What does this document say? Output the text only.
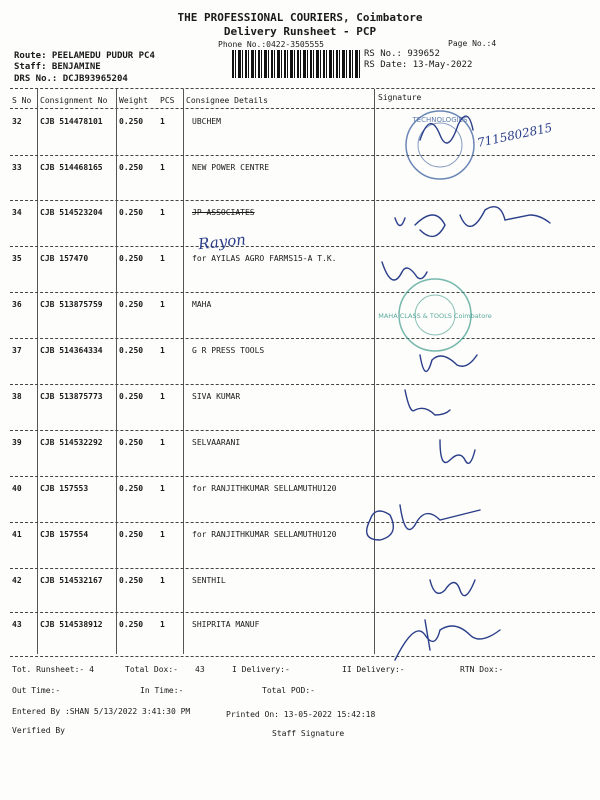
THE PROFESSIONAL COURIERS, Coimbatore
Delivery Runsheet - PCP
Phone No.:0422-3505555	Page No.:4
Route: PEELAMEDU PUDUR PC4
Staff: BENJAMINE
DRS No.: DCJB93965204
RS No.: 939652
RS Date: 13-May-2022
S No Consignment No Weight PCS Consignee Details	Signature
32 CJB 514478101 0.250 1	UBCHEM
33 CJB 514468165 0.250 1	NEW POWER CENTRE
34 CJB 514523204 0.250 1	JP ASSOCIATES
35 CJB 157470	0.250 1	for AYILAS AGRO FARMS15-A T.K.
36 CJB 513875759 0.250 1	MAHA
37 CJB 514364334 0.250 1	G R PRESS TOOLS
38 CJB 513875773 0.250 1	SIVA KUMAR
39 CJB 514532292 0.250 1	SELVAARANI
40 CJB 157553	0.250 1	for RANJITHKUMAR SELLAMUTHU120
41 CJB 157554	0.250 1	for RANJITHKUMAR SELLAMUTHU120
42 CJB 514532167 0.250 1	SENTHIL
43 CJB 514538912 0.250 1	SHIPRITA MANUF
TECHNOLOGIES
MAHA CLASS & TOOLS Coimbatore
7115802815
Rayon
Tot. Runsheet:- 4	Total Dox:- 43	I Delivery:-	II Delivery:-	RTN Dox:-
Out Time:-	In Time:-	Total POD:-
Entered By :SHAN 5/13/2022 3:41:30 PM	Printed On: 13-05-2022 15:42:18
Verified By	Staff Signature
